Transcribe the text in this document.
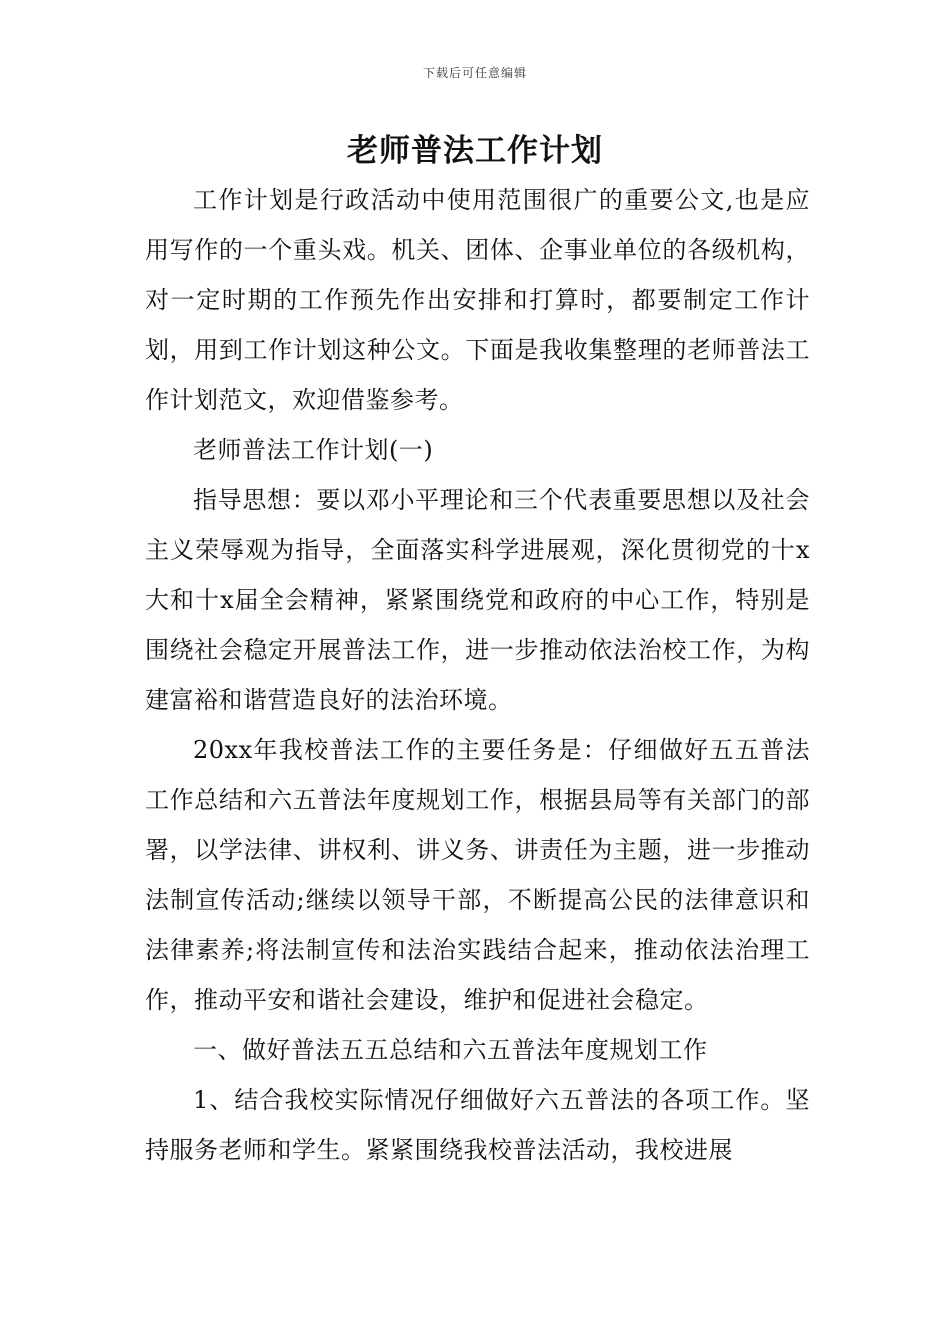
下载后可任意编辑
老师普法工作计划

工作计划是行政活动中使用范围很广的重要公文,也是应用写作的一个重头戏。机关、团体、企事业单位的各级机构，对一定时期的工作预先作出安排和打算时，都要制定工作计划，用到工作计划这种公文。下面是我收集整理的老师普法工作计划范文，欢迎借鉴参考。

老师普法工作计划(一)

指导思想：要以邓小平理论和三个代表重要思想以及社会主义荣辱观为指导，全面落实科学进展观，深化贯彻党的十x大和十x届全会精神，紧紧围绕党和政府的中心工作，特别是围绕社会稳定开展普法工作，进一步推动依法治校工作，为构建富裕和谐营造良好的法治环境。

20xx年我校普法工作的主要任务是：仔细做好五五普法工作总结和六五普法年度规划工作，根据县局等有关部门的部署，以学法律、讲权利、讲义务、讲责任为主题，进一步推动法制宣传活动;继续以领导干部，不断提高公民的法律意识和法律素养;将法制宣传和法治实践结合起来，推动依法治理工作，推动平安和谐社会建设，维护和促进社会稳定。

一、做好普法五五总结和六五普法年度规划工作

1、结合我校实际情况仔细做好六五普法的各项工作。坚持服务老师和学生。紧紧围绕我校普法活动，我校进展
